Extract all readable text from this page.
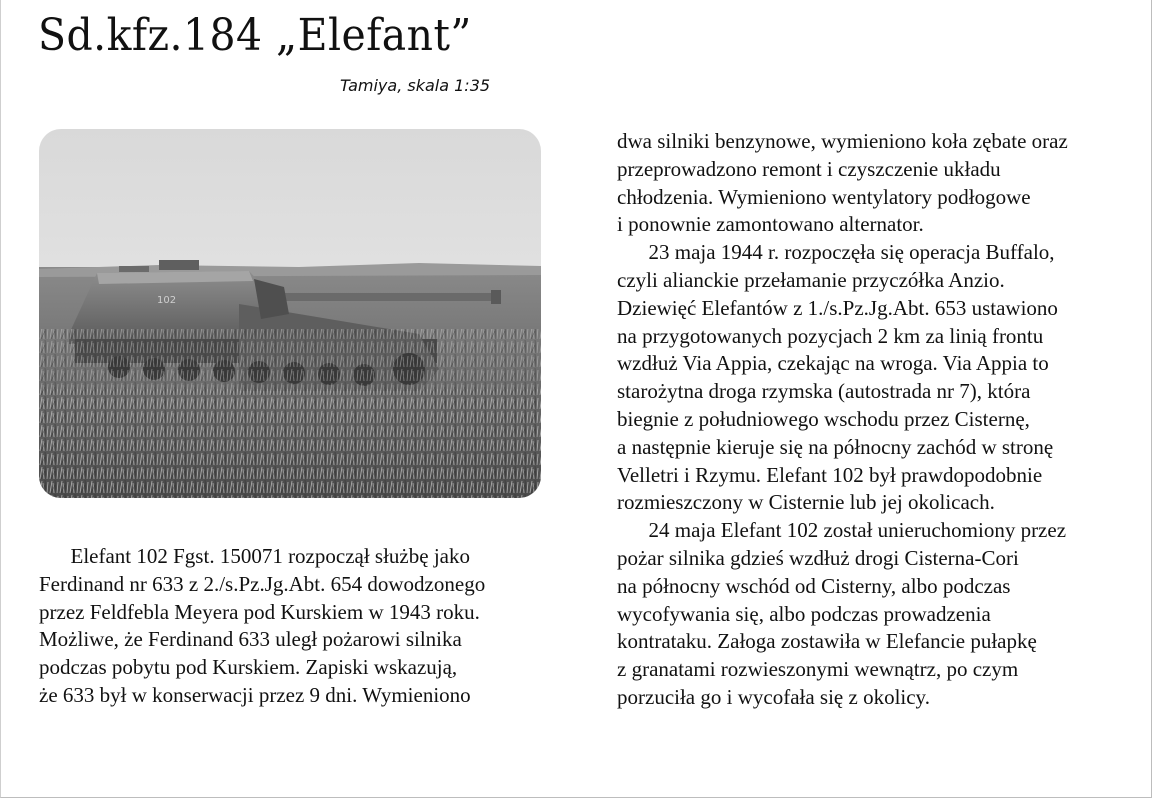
Sd.kfz.184 „Elefant”
Tamiya, skala 1:35
102
Elefant 102 Fgst. 150071 rozpoczął służbę jako
Ferdinand nr 633 z 2./s.Pz.Jg.Abt. 654 dowodzonego
przez Feldfebla Meyera pod Kurskiem w 1943 roku.
Możliwe, że Ferdinand 633 uległ pożarowi silnika
podczas pobytu pod Kurskiem. Zapiski wskazują,
że 633 był w konserwacji przez 9 dni. Wymieniono
dwa silniki benzynowe, wymieniono koła zębate oraz
przeprowadzono remont i czyszczenie układu
chłodzenia. Wymieniono wentylatory podłogowe
i ponownie zamontowano alternator.
23 maja 1944 r. rozpoczęła się operacja Buffalo,
czyli alianckie przełamanie przyczółka Anzio.
Dziewięć Elefantów z 1./s.Pz.Jg.Abt. 653 ustawiono
na przygotowanych pozycjach 2 km za linią frontu
wzdłuż Via Appia, czekając na wroga. Via Appia to
starożytna droga rzymska (autostrada nr 7), która
biegnie z południowego wschodu przez Cisternę,
a następnie kieruje się na północny zachód w stronę
Velletri i Rzymu. Elefant 102 był prawdopodobnie
rozmieszczony w Cisternie lub jej okolicach.
24 maja Elefant 102 został unieruchomiony przez
pożar silnika gdzieś wzdłuż drogi Cisterna-Cori
na północny wschód od Cisterny, albo podczas
wycofywania się, albo podczas prowadzenia
kontrataku. Załoga zostawiła w Elefancie pułapkę
z granatami rozwieszonymi wewnątrz, po czym
porzuciła go i wycofała się z okolicy.
